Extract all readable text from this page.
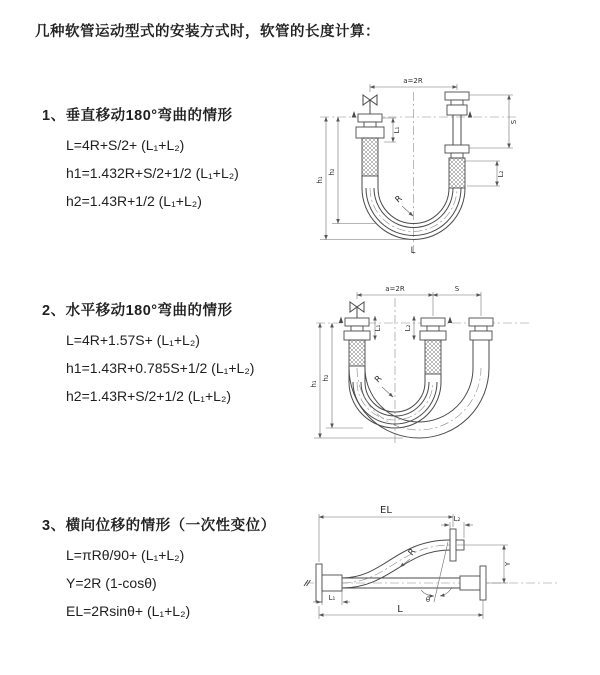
几种软管运动型式的安装方式时，软管的长度计算：
1、垂直移动180°弯曲的情形
L=4R+S/2+ (L₁+L₂)
h1=1.432R+S/2+1/2 (L₁+L₂)
h2=1.43R+1/2 (L₁+L₂)
2、水平移动180°弯曲的情形
L=4R+1.57S+ (L₁+L₂)
h1=1.43R+0.785S+1/2 (L₁+L₂)
h2=1.43R+S/2+1/2 (L₁+L₂)
3、横向位移的情形（一次性变位）
L=πRθ/90+ (L₁+L₂)
Y=2R (1-cosθ)
EL=2Rsinθ+ (L₁+L₂)
a=2R
L₁
S
L₂
h₁
h₂
R
L
a=2R	S
L₁	L₂
h₁
h₂	R
EL
L₂
Y
θ
R
L₁
L
